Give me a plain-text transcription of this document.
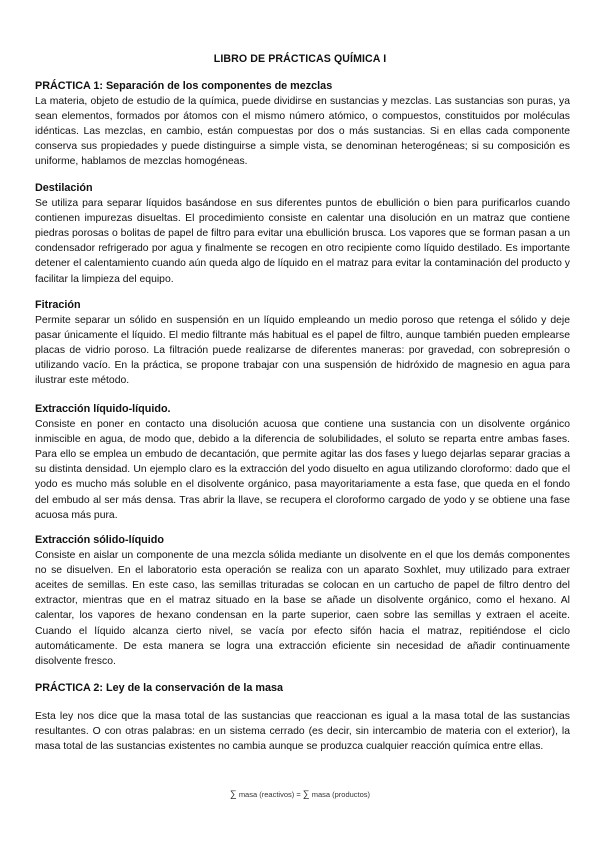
LIBRO DE PRÁCTICAS QUÍMICA I
PRÁCTICA 1: Separación de los componentes de mezclas

La materia, objeto de estudio de la química, puede dividirse en sustancias y mezclas. Las sustancias son puras, ya sean elementos, formados por átomos con el mismo número atómico, o compuestos, constituidos por moléculas idénticas. Las mezclas, en cambio, están compuestas por dos o más sustancias. Si en ellas cada componente conserva sus propiedades y puede distinguirse a simple vista, se denominan heterogéneas; si su composición es uniforme, hablamos de mezclas homogéneas.

Destilación

Se utiliza para separar líquidos basándose en sus diferentes puntos de ebullición o bien para purificarlos cuando contienen impurezas disueltas. El procedimiento consiste en calentar una disolución en un matraz que contiene piedras porosas o bolitas de papel de filtro para evitar una ebullición brusca. Los vapores que se forman pasan a un condensador refrigerado por agua y finalmente se recogen en otro recipiente como líquido destilado. Es importante detener el calentamiento cuando aún queda algo de líquido en el matraz para evitar la contaminación del producto y facilitar la limpieza del equipo.

Fitración

Permite separar un sólido en suspensión en un líquido empleando un medio poroso que retenga el sólido y deje pasar únicamente el líquido. El medio filtrante más habitual es el papel de filtro, aunque también pueden emplearse placas de vidrio poroso. La filtración puede realizarse de diferentes maneras: por gravedad, con sobrepresión o utilizando vacío. En la práctica, se propone trabajar con una suspensión de hidróxido de magnesio en agua para ilustrar este método.

Extracción líquido-líquido.

Consiste en poner en contacto una disolución acuosa que contiene una sustancia con un disolvente orgánico inmiscible en agua, de modo que, debido a la diferencia de solubilidades, el soluto se reparta entre ambas fases. Para ello se emplea un embudo de decantación, que permite agitar las dos fases y luego dejarlas separar gracias a su distinta densidad. Un ejemplo claro es la extracción del yodo disuelto en agua utilizando cloroformo: dado que el yodo es mucho más soluble en el disolvente orgánico, pasa mayoritariamente a esta fase, que queda en el fondo del embudo al ser más densa. Tras abrir la llave, se recupera el cloroformo cargado de yodo y se obtiene una fase acuosa más pura.

Extracción sólido-líquido

Consiste en aislar un componente de una mezcla sólida mediante un disolvente en el que los demás componentes no se disuelven. En el laboratorio esta operación se realiza con un aparato Soxhlet, muy utilizado para extraer aceites de semillas. En este caso, las semillas trituradas se colocan en un cartucho de papel de filtro dentro del extractor, mientras que en el matraz situado en la base se añade un disolvente orgánico, como el hexano. Al calentar, los vapores de hexano condensan en la parte superior, caen sobre las semillas y extraen el aceite. Cuando el líquido alcanza cierto nivel, se vacía por efecto sifón hacia el matraz, repitiéndose el ciclo automáticamente. De esta manera se logra una extracción eficiente sin necesidad de añadir continuamente disolvente fresco.

PRÁCTICA 2: Ley de la conservación de la masa

Esta ley nos dice que la masa total de las sustancias que reaccionan es igual a la masa total de las sustancias resultantes. O con otras palabras: en un sistema cerrado (es decir, sin intercambio de materia con el exterior), la masa total de las sustancias existentes no cambia aunque se produzca cualquier reacción química entre ellas.

∑ masa (reactivos) = ∑ masa (productos)
